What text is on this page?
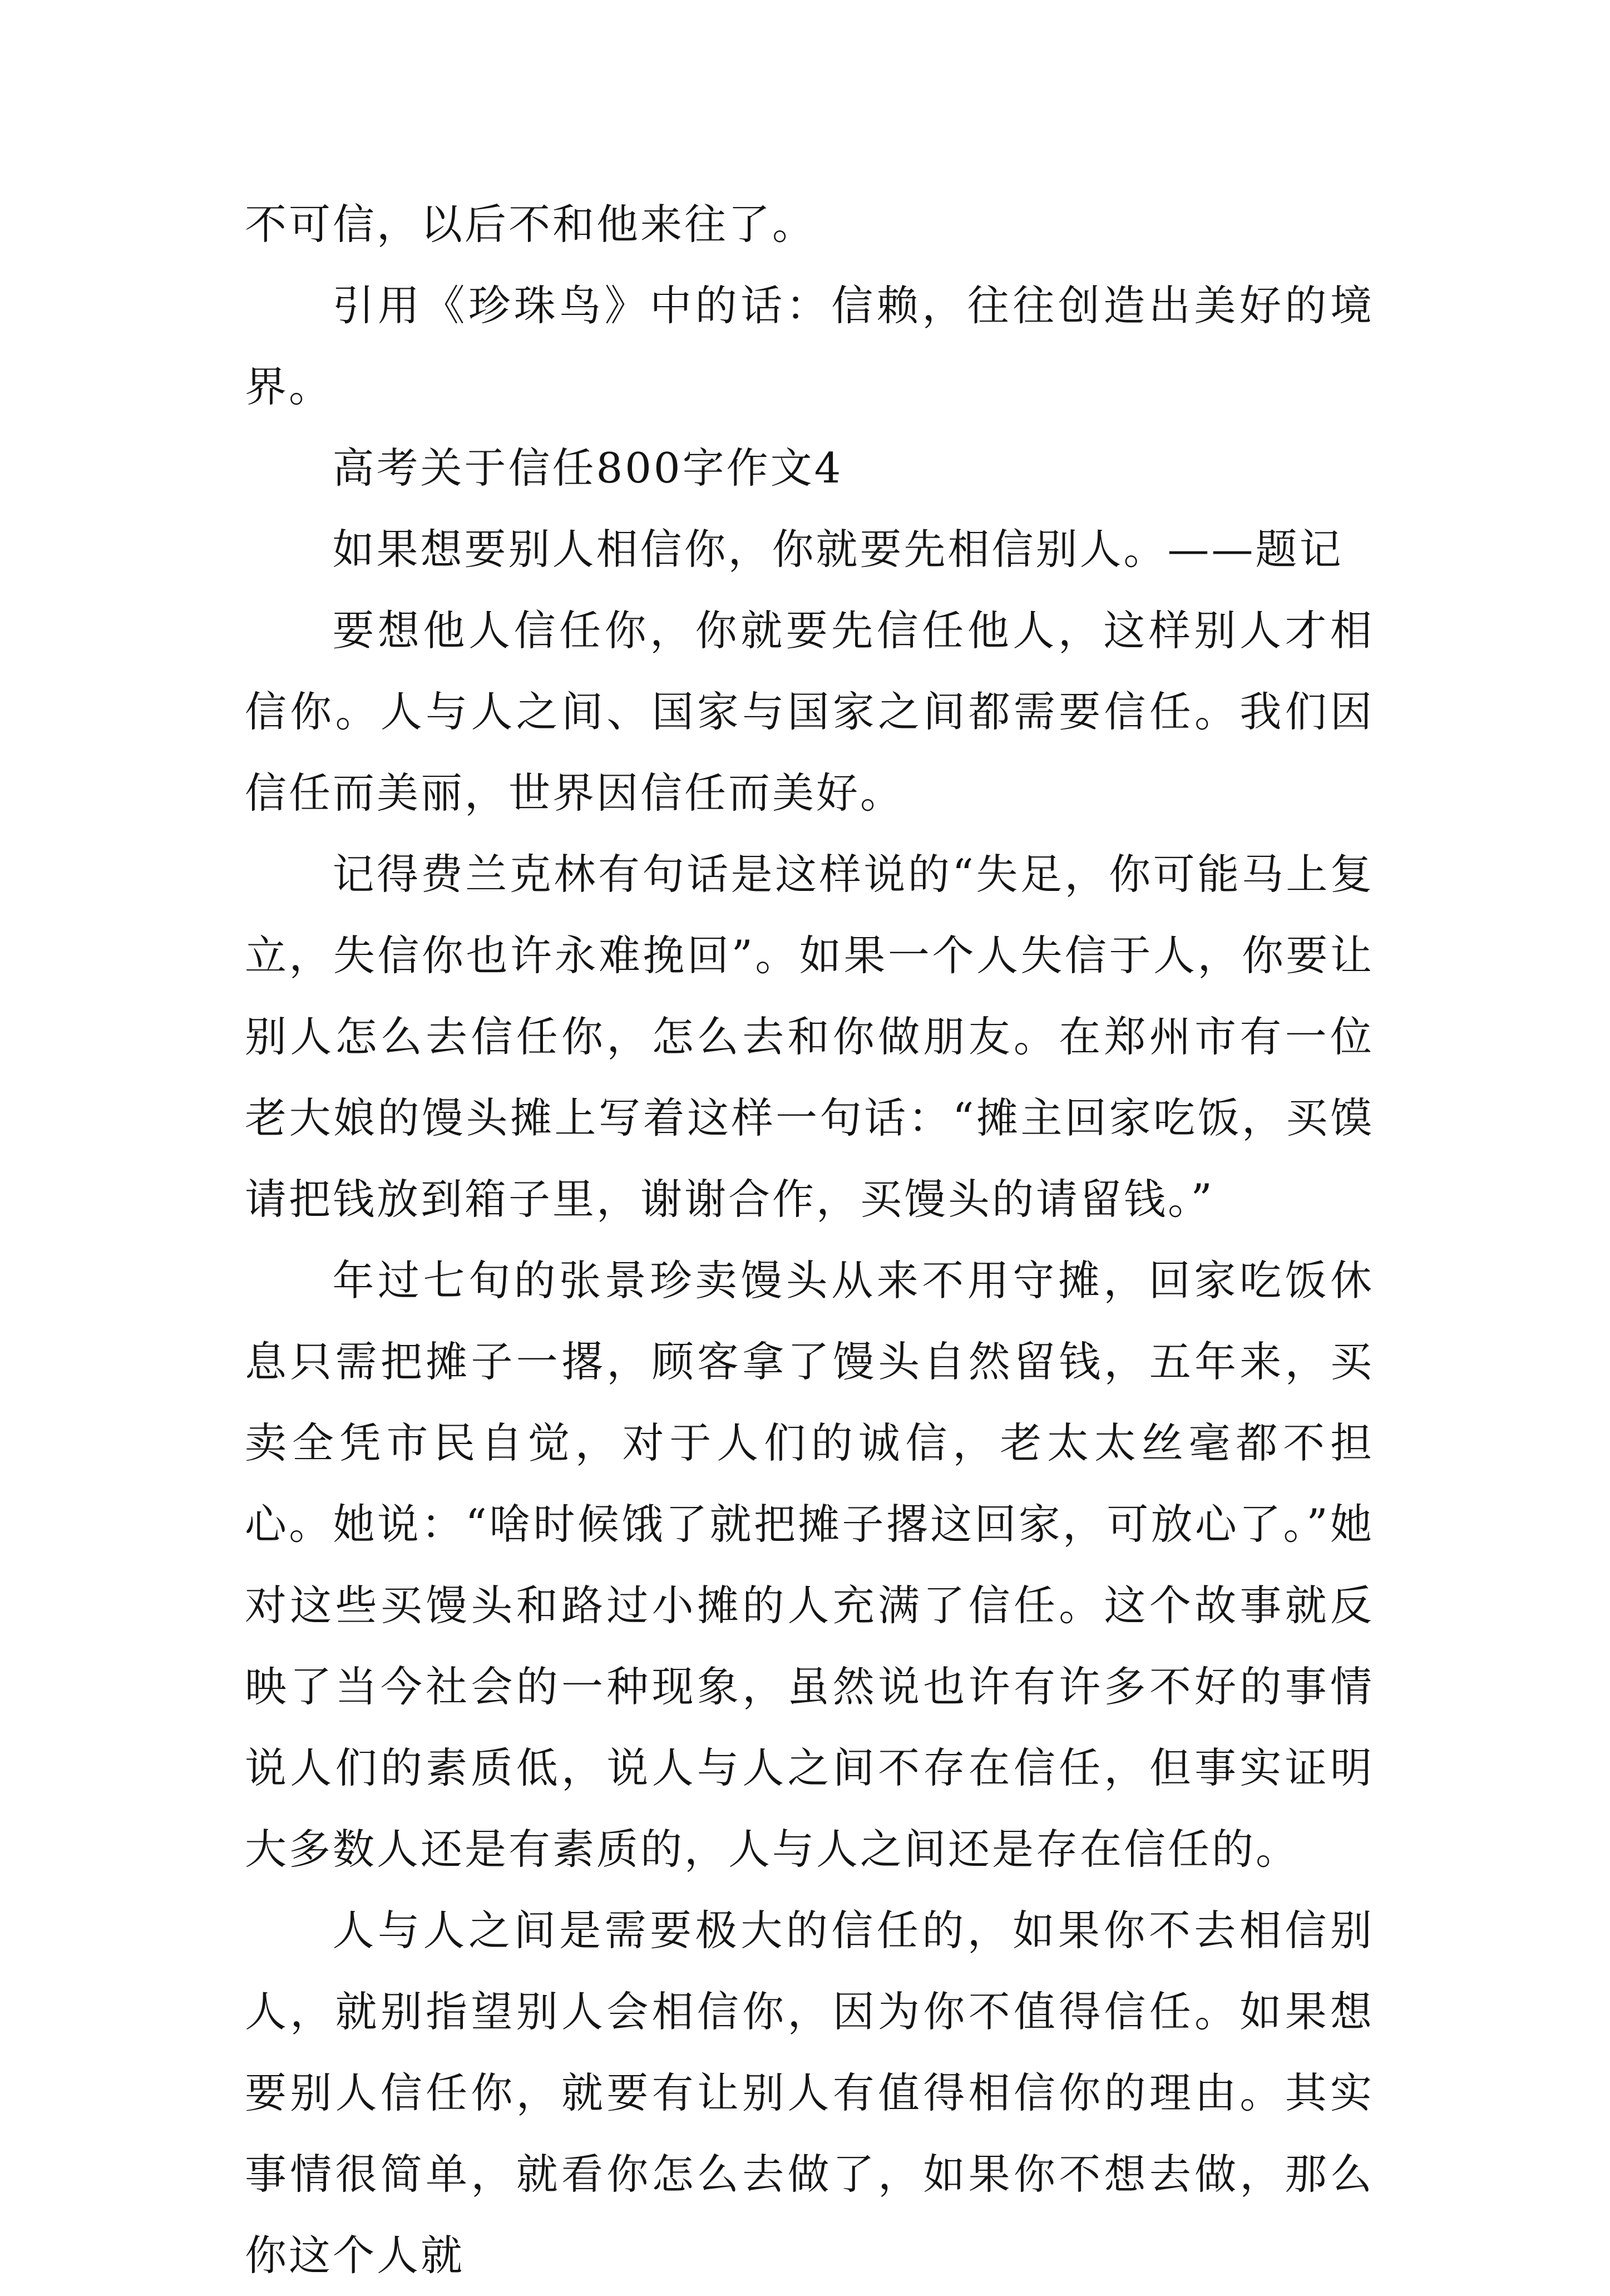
不可信，以后不和他来往了。

引用《珍珠鸟》中的话：信赖，往往创造出美好的境界。

高考关于信任800字作文4

如果想要别人相信你，你就要先相信别人。——题记

要想他人信任你，你就要先信任他人，这样别人才相信你。人与人之间、国家与国家之间都需要信任。我们因信任而美丽，世界因信任而美好。

记得费兰克林有句话是这样说的“失足，你可能马上复立，失信你也许永难挽回”。如果一个人失信于人，你要让别人怎么去信任你，怎么去和你做朋友。在郑州市有一位老大娘的馒头摊上写着这样一句话：“摊主回家吃饭，买馍请把钱放到箱子里，谢谢合作，买馒头的请留钱。”

年过七旬的张景珍卖馒头从来不用守摊，回家吃饭休息只需把摊子一撂，顾客拿了馒头自然留钱，五年来，买卖全凭市民自觉，对于人们的诚信，老太太丝毫都不担心。她说：“啥时候饿了就把摊子撂这回家，可放心了。”她对这些买馒头和路过小摊的人充满了信任。这个故事就反映了当今社会的一种现象，虽然说也许有许多不好的事情说人们的素质低，说人与人之间不存在信任，但事实证明大多数人还是有素质的，人与人之间还是存在信任的。

人与人之间是需要极大的信任的，如果你不去相信别人，就别指望别人会相信你，因为你不值得信任。如果想要别人信任你，就要有让别人有值得相信你的理由。其实事情很简单，就看你怎么去做了，如果你不想去做，那么你这个人就
